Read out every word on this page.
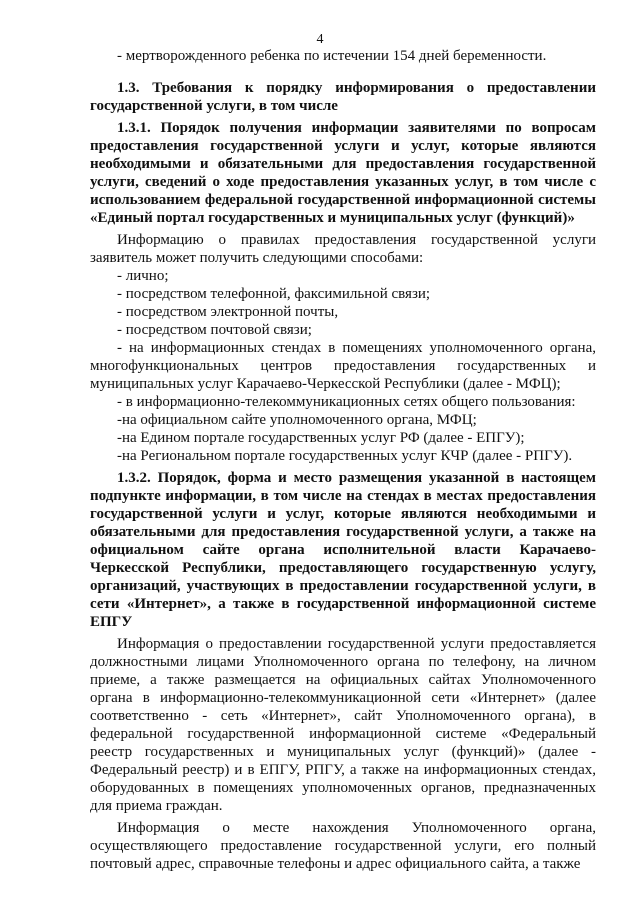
4

- мертворожденного ребенка по истечении 154 дней беременности.

1.3. Требования к порядку информирования о предоставлении государственной услуги, в том числе

1.3.1. Порядок получения информации заявителями по вопросам предоставления государственной услуги и услуг, которые являются необходимыми и обязательными для предоставления государственной услуги, сведений о ходе предоставления указанных услуг, в том числе с использованием федеральной государственной информационной системы «Единый портал государственных и муниципальных услуг (функций)»

Информацию о правилах предоставления государственной услуги заявитель может получить следующими способами:

- лично;

- посредством телефонной, факсимильной связи;

- посредством электронной почты,

- посредством почтовой связи;

- на информационных стендах в помещениях уполномоченного органа, многофункциональных центров предоставления государственных и муниципальных услуг Карачаево-Черкесской Республики (далее - МФЦ);

- в информационно-телекоммуникационных сетях общего пользования:

-на официальном сайте уполномоченного органа, МФЦ;

-на Едином портале государственных услуг РФ (далее - ЕПГУ);

-на Региональном портале государственных услуг КЧР (далее - РПГУ).

1.3.2. Порядок, форма и место размещения указанной в настоящем подпункте информации, в том числе на стендах в местах предоставления государственной услуги и услуг, которые являются необходимыми и обязательными для предоставления государственной услуги, а также на официальном сайте органа исполнительной власти Карачаево-Черкесской Республики, предоставляющего государственную услугу, организаций, участвующих в предоставлении государственной услуги, в сети «Интернет», а также в государственной информационной системе ЕПГУ

Информация о предоставлении государственной услуги предоставляется должностными лицами Уполномоченного органа по телефону, на личном приеме, а также размещается на официальных сайтах Уполномоченного органа в информационно-телекоммуникационной сети «Интернет» (далее соответственно - сеть «Интернет», сайт Уполномоченного органа), в федеральной государственной информационной системе «Федеральный реестр государственных и муниципальных услуг (функций)» (далее - Федеральный реестр) и в ЕПГУ, РПГУ, а также на информационных стендах, оборудованных в помещениях уполномоченных органов, предназначенных для приема граждан.

Информация о месте нахождения Уполномоченного органа, осуществляющего предоставление государственной услуги, его полный почтовый адрес, справочные телефоны и адрес официального сайта, а также
